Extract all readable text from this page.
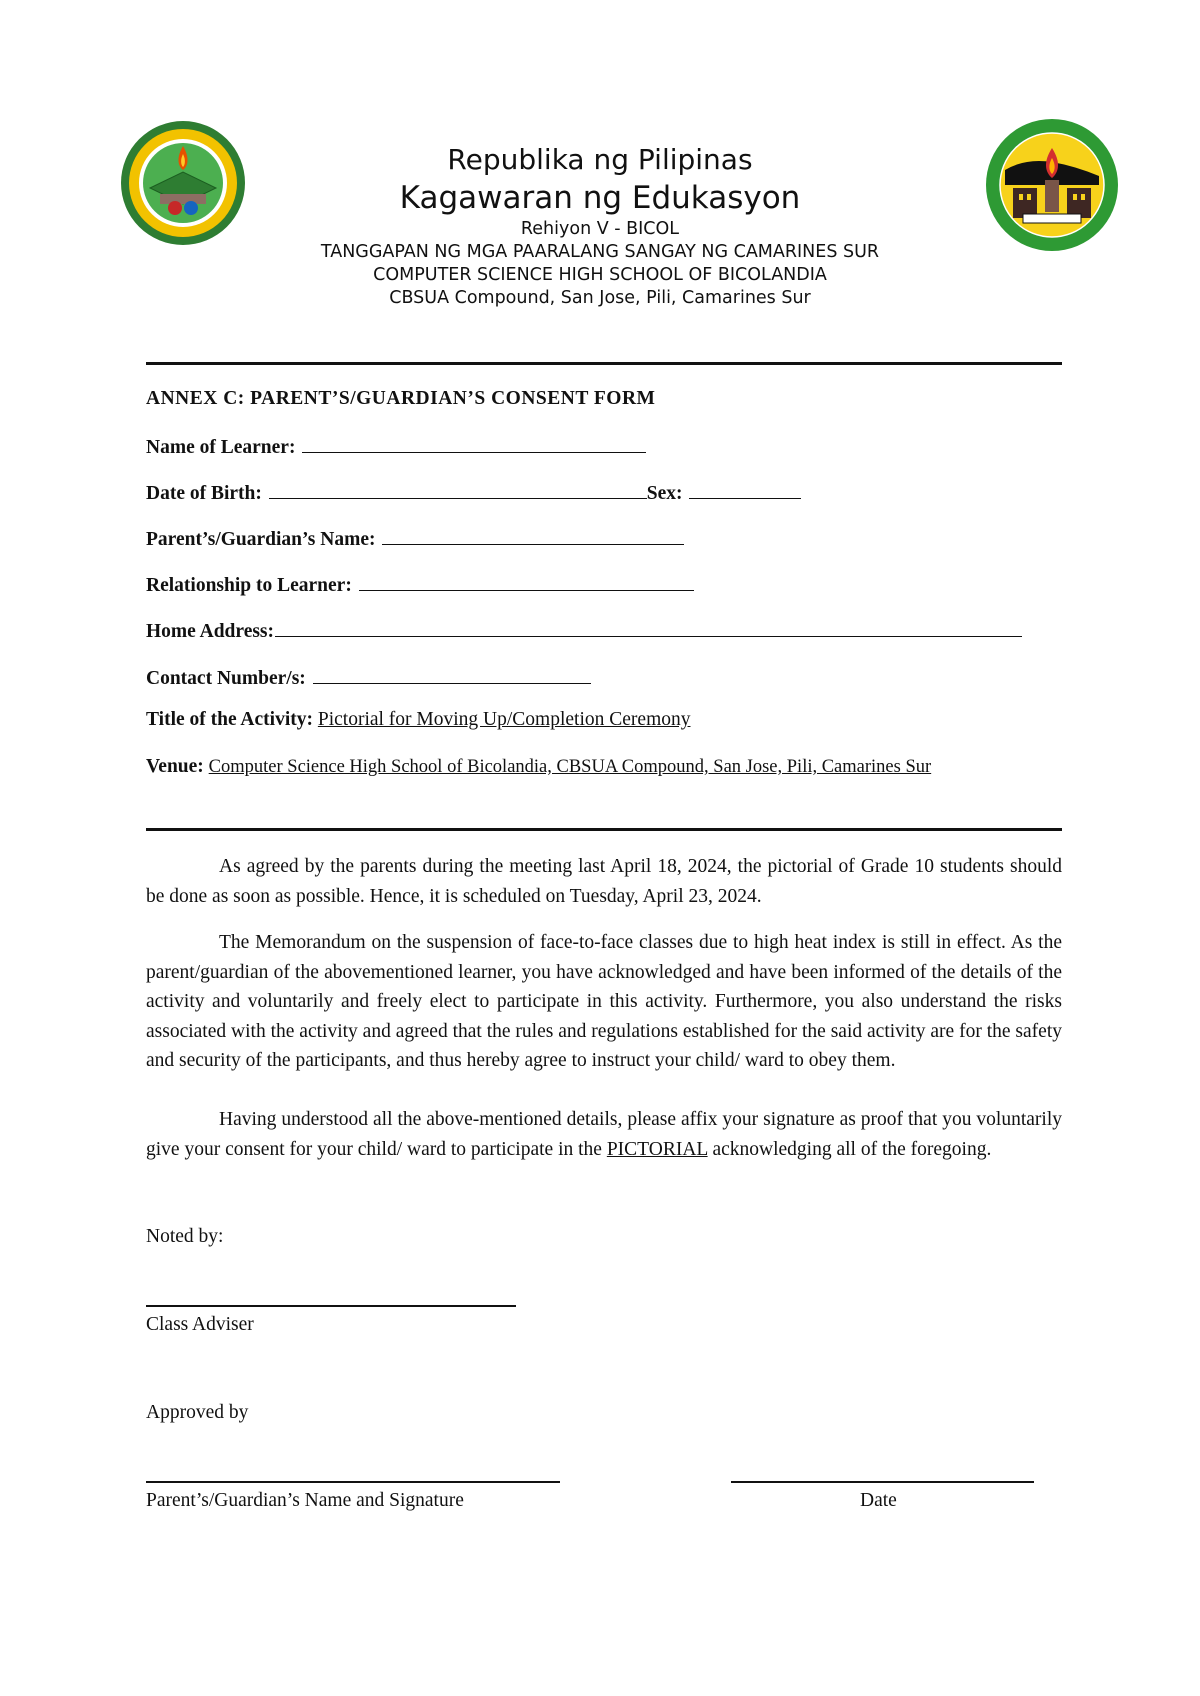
Republika ng Pilipinas
Kagawaran ng Edukasyon
Rehiyon V - BICOL
TANGGAPAN NG MGA PAARALANG SANGAY NG CAMARINES SUR
COMPUTER SCIENCE HIGH SCHOOL OF BICOLANDIA
CBSUA Compound, San Jose, Pili, Camarines Sur
ANNEX C: PARENT’S/GUARDIAN’S CONSENT FORM
Name of Learner:
Date of Birth:	Sex:
Parent’s/Guardian’s Name:
Relationship to Learner:
Home Address:
Contact Number/s:
Title of the Activity: Pictorial for Moving Up/Completion Ceremony
Venue: Computer Science High School of Bicolandia, CBSUA Compound, San Jose, Pili, Camarines Sur
As agreed by the parents during the meeting last April 18, 2024, the pictorial of Grade 10 students should be done as soon as possible. Hence, it is scheduled on Tuesday, April 23, 2024.
The Memorandum on the suspension of face-to-face classes due to high heat index is still in effect. As the parent/guardian of the abovementioned learner, you have acknowledged and have been informed of the details of the activity and voluntarily and freely elect to participate in this activity. Furthermore, you also understand the risks associated with the activity and agreed that the rules and regulations established for the said activity are for the safety and security of the participants, and thus hereby agree to instruct your child/ ward to obey them.
Having understood all the above-mentioned details, please affix your signature as proof that you voluntarily give your consent for your child/ ward to participate in the PICTORIAL acknowledging all of the foregoing.
Noted by:
Class Adviser
Approved by
Parent’s/Guardian’s Name and Signature	Date
